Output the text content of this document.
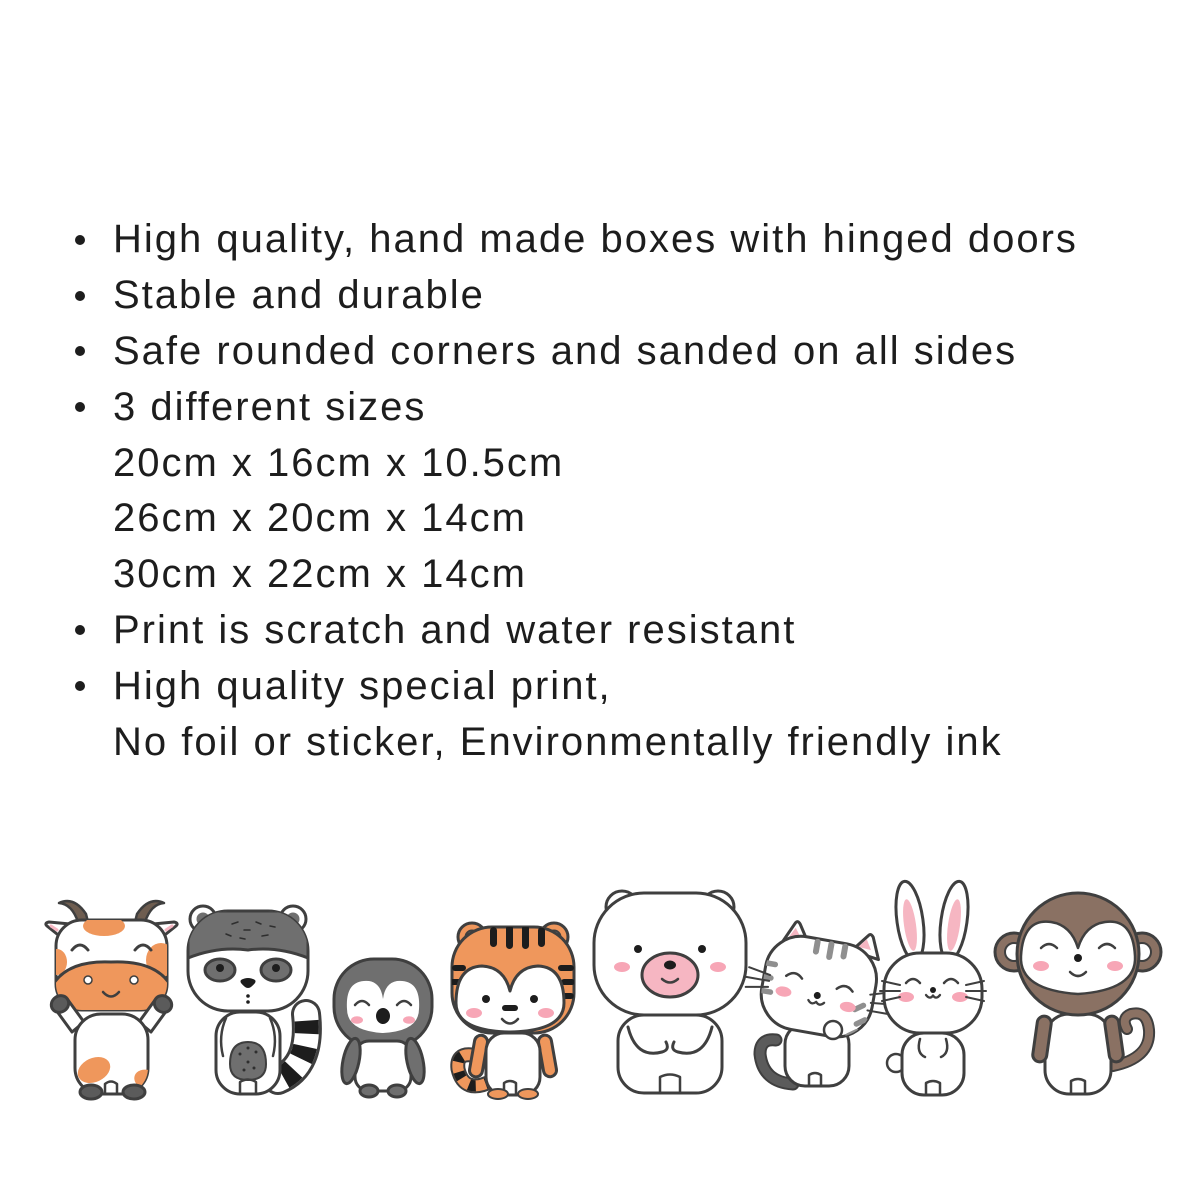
High quality, hand made boxes with hinged doors
Stable and durable
Safe rounded corners and sanded on all sides
3 different sizes
20cm x 16cm x 10.5cm
26cm x 20cm x 14cm
30cm x 22cm x 14cm
Print is scratch and water resistant
High quality special print,
No foil or sticker, Environmentally friendly ink
